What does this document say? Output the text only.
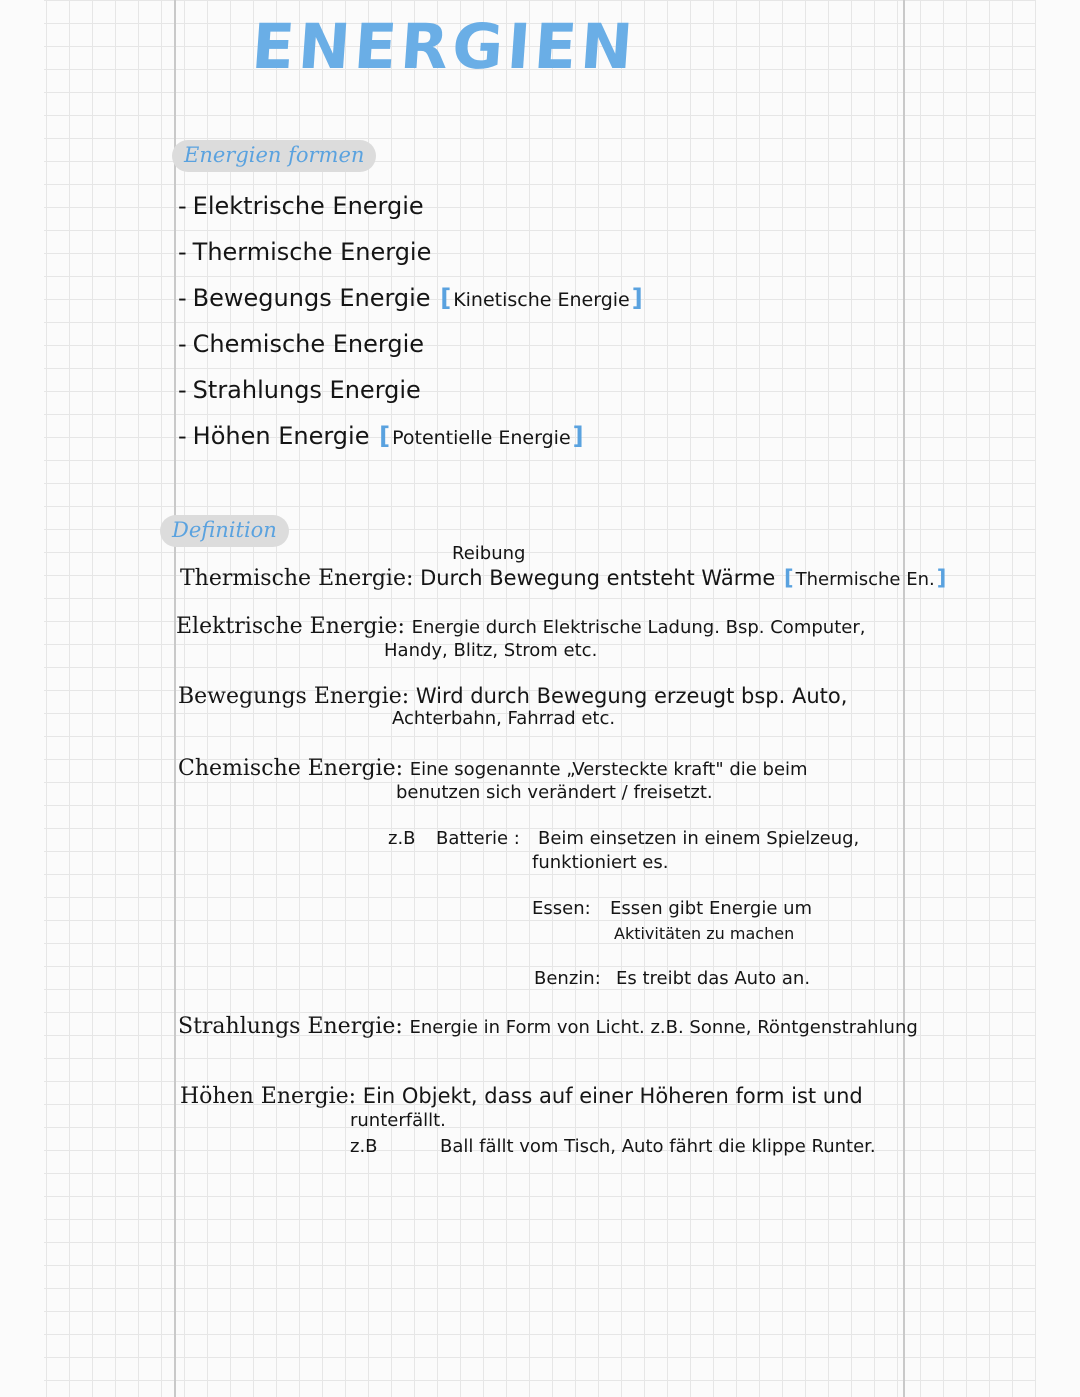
ENERGIEN
Energien formen
- Elektrische Energie
- Thermische Energie
- Bewegungs Energie [ Kinetische Energie]
- Chemische Energie
- Strahlungs Energie
- Höhen Energie [ Potentielle Energie]
Definition
Reibung
Thermische Energie: Durch Bewegung entsteht Wärme [ Thermische En.]
Elektrische Energie: Energie durch Elektrische Ladung. Bsp. Computer,
Handy, Blitz, Strom etc.
Bewegungs Energie: Wird durch Bewegung erzeugt bsp. Auto,
Achterbahn, Fahrrad etc.
Chemische Energie: Eine sogenannte „Versteckte kraft" die beim
benutzen sich verändert / freisetzt.
z.B Batterie : Beim einsetzen in einem Spielzeug,
funktioniert es.
Essen: Essen gibt Energie um
Aktivitäten zu machen
Benzin: Es treibt das Auto an.
Strahlungs Energie: Energie in Form von Licht. z.B. Sonne, Röntgenstrahlung
Höhen Energie: Ein Objekt, dass auf einer Höheren form ist und
runterfällt.
z.B	Ball fällt vom Tisch, Auto fährt die klippe Runter.
